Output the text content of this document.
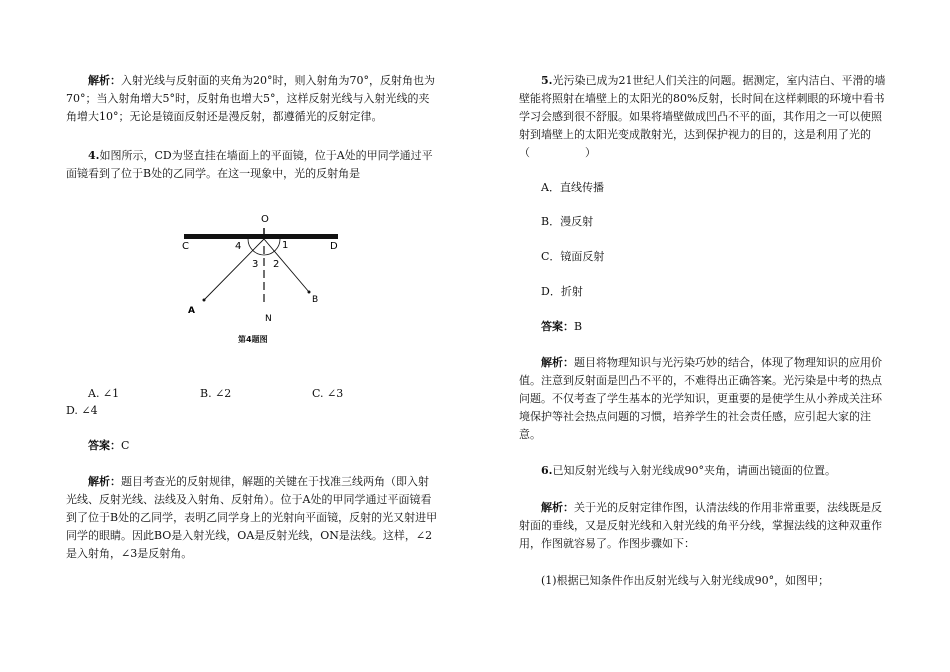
解析：入射光线与反射面的夹角为20°时，则入射角为70°，反射角也为70°；当入射角增大5°时，反射角也增大5°，这样反射光线与入射光线的夹角增大10°；无论是镜面反射还是漫反射，都遵循光的反射定律。

4.如图所示，CD为竖直挂在墙面上的平面镜，位于A处的甲同学通过平面镜看到了位于B处的乙同学。在这一现象中，光的反射角是

O
C	D
4	1
3 2
A
B
N
第4题图
A. ∠1	B. ∠2	C. ∠3
D. ∠4

答案：C

解析：题目考查光的反射规律，解题的关键在于找准三线两角（即入射光线、反射光线、法线及入射角、反射角）。位于A处的甲同学通过平面镜看到了位于B处的乙同学，表明乙同学身上的光射向平面镜，反射的光又射进甲同学的眼睛。因此BO是入射光线，OA是反射光线，ON是法线。这样，∠2是入射角，∠3是反射角。

5.光污染已成为21世纪人们关注的问题。据测定，室内洁白、平滑的墙壁能将照射在墙壁上的太阳光的80%反射，长时间在这样刺眼的环境中看书学习会感到很不舒服。如果将墙壁做成凹凸不平的面，其作用之一可以使照射到墙壁上的太阳光变成散射光，达到保护视力的目的，这是利用了光的（　　　　　）

A．直线传播
B．漫反射
C．镜面反射
D．折射

答案：B

解析：题目将物理知识与光污染巧妙的结合，体现了物理知识的应用价值。注意到反射面是凹凸不平的，不难得出正确答案。光污染是中考的热点问题。不仅考查了学生基本的光学知识，更重要的是使学生从小养成关注环境保护等社会热点问题的习惯，培养学生的社会责任感，应引起大家的注意。

6.已知反射光线与入射光线成90°夹角，请画出镜面的位置。

解析：关于光的反射定律作图，认清法线的作用非常重要，法线既是反射面的垂线，又是反射光线和入射光线的角平分线，掌握法线的这种双重作用，作图就容易了。作图步骤如下：

(1)根据已知条件作出反射光线与入射光线成90°，如图甲；
